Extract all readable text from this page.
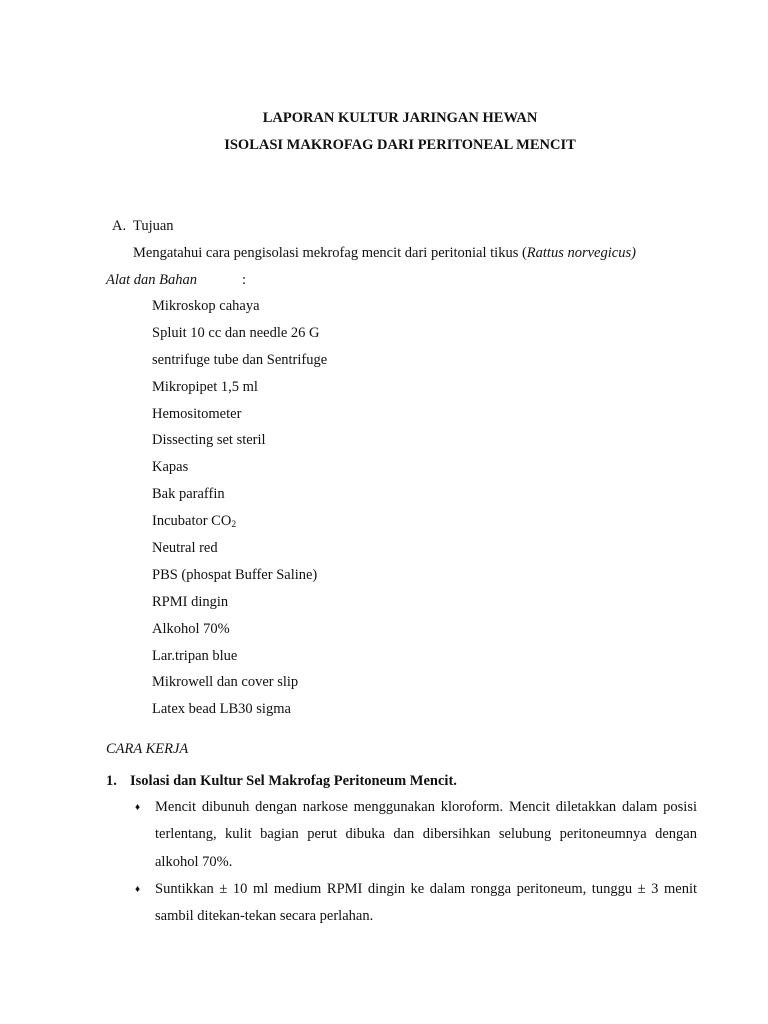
LAPORAN KULTUR JARINGAN HEWAN
ISOLASI MAKROFAG DARI PERITONEAL MENCIT
A. Tujuan
Mengatahui cara pengisolasi mekrofag mencit dari peritonial tikus (Rattus norvegicus)
Alat dan Bahan	:
Mikroskop cahaya
Spluit 10 cc dan needle 26 G
sentrifuge tube dan Sentrifuge
Mikropipet 1,5 ml
Hemositometer
Dissecting set steril
Kapas
Bak paraffin
Incubator $CO_2$
Neutral red
PBS (phospat Buffer Saline)
RPMI dingin
Alkohol 70%
Lar.tripan blue
Mikrowell dan cover slip
Latex bead LB30 sigma
CARA KERJA
1. Isolasi dan Kultur Sel Makrofag Peritoneum Mencit.
♦ Mencit dibunuh dengan narkose menggunakan kloroform. Mencit diletakkan dalam posisi terlentang, kulit bagian perut dibuka dan dibersihkan selubung peritoneumnya dengan alkohol 70%.

♦ Suntikkan ± 10 ml medium RPMI dingin ke dalam rongga peritoneum, tunggu ± 3 menit sambil ditekan-tekan secara perlahan.
